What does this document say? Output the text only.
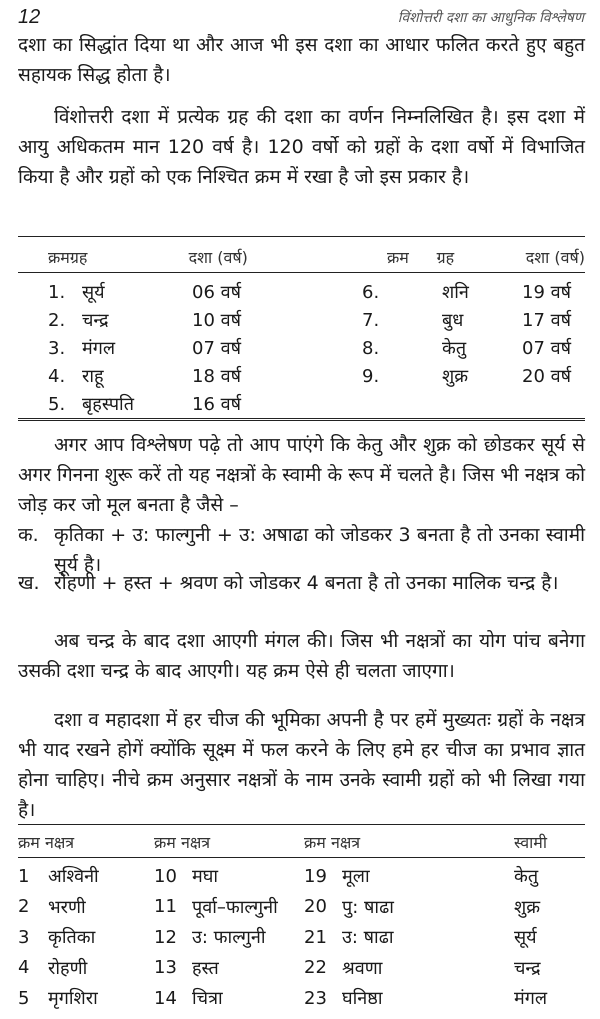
12	विंशोत्तरी दशा का आधुनिक विश्लेषण
दशा का सिद्धांत दिया था और आज भी इस दशा का आधार फलित करते हुए बहुत सहायक सिद्ध होता है।
विंशोत्तरी दशा में प्रत्येक ग्रह की दशा का वर्णन निम्नलिखित है। इस दशा में आयु अधिकतम मान 120 वर्ष है। 120 वर्षो को ग्रहों के दशा वर्षो में विभाजित किया है और ग्रहों को एक निश्चित क्रम में रखा है जो इस प्रकार है।
क्रम	ग्रह	दशा (वर्ष)	क्रम	ग्रह	दशा (वर्ष)
1.	सूर्य	06 वर्ष	6.	शनि	19 वर्ष
2.	चन्द्र	10 वर्ष	7.	बुध	17 वर्ष
3.	मंगल	07 वर्ष	8.	केतु	07 वर्ष
4.	राहू	18 वर्ष	9.	शुक्र	20 वर्ष
5.	बृहस्पति	16 वर्ष			
अगर आप विश्लेषण पढ़े तो आप पाएंगे कि केतु और शुक्र को छोडकर सूर्य से अगर गिनना शुरू करें तो यह नक्षत्रों के स्वामी के रूप में चलते है। जिस भी नक्षत्र को जोड़ कर जो मूल बनता है जैसे –
क. कृतिका + उ: फाल्गुनी + उ: अषाढा को जोडकर 3 बनता है तो उनका स्वामी सूर्य है।
ख. रोहणी + हस्त + श्रवण को जोडकर 4 बनता है तो उनका मालिक चन्द्र है।
अब चन्द्र के बाद दशा आएगी मंगल की। जिस भी नक्षत्रों का योग पांच बनेगा उसकी दशा चन्द्र के बाद आएगी। यह क्रम ऐसे ही चलता जाएगा।
दशा व महादशा में हर चीज की भूमिका अपनी है पर हमें मुख्यतः ग्रहों के नक्षत्र भी याद रखने होगें क्योंकि सूक्ष्म में फल करने के लिए हमे हर चीज का प्रभाव ज्ञात होना चाहिए। नीचे क्रम अनुसार नक्षत्रों के नाम उनके स्वामी ग्रहों को भी लिखा गया है।
क्रम नक्षत्र	क्रम नक्षत्र	क्रम नक्षत्र	स्वामी
1	अश्विनी	10	मघा	19	मूला	केतु
2	भरणी	11	पूर्वा–फाल्गुनी	20	पु: षाढा	शुक्र
3	कृतिका	12	उ: फाल्गुनी	21	उ: षाढा	सूर्य
4	रोहणी	13	हस्त	22	श्रवणा	चन्द्र
5	मृगशिरा	14	चित्रा	23	घनिष्ठा	मंगल
